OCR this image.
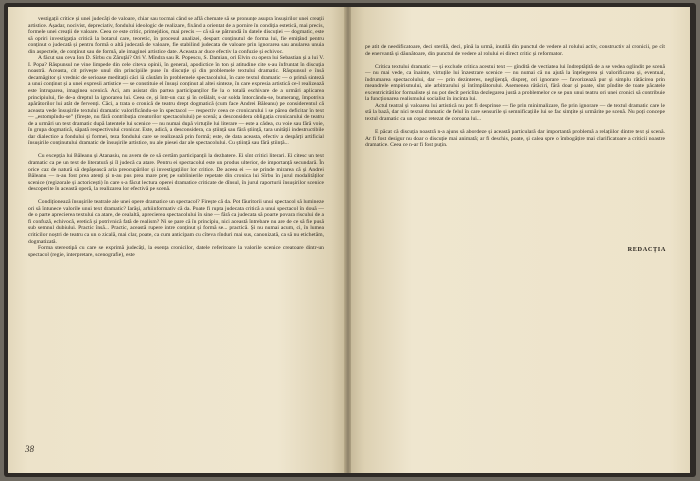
vestigații critice și unei judecăți de valoare, chiar sau tocmai când se află chemate să se pronunțe asupra însușirilor unei creații artistice. Așadar, nocivist, depreciativ, fondului ideologic de realizare, fixând a orientat de a pornire în condiția estetică, mai precis, formele unei creații de valoare. Ceea ce este critic, primejdios, mai precis — că să se pătrundă în datele discuției — dogmatic, este să opriri investigația critică la botarul care, teoretic, în procesul analizei, despart conținutul de forma lui, fie emițând pentru conținut o judecată și pentru formă o altă judecată de valoare, fie stabilind judecata de valoare prin ignorarea sau anularea unuia din aspectele, de conținut sau de formă, ale imaginei artistice date. Aceasta ar duce efectiv la confuzie și echivoc.

A făcut sau ceva Ion D. Sîrbu cu Zăruțăi? Ori V. Mîndra sau R. Popescu, S. Damian, ori Elvin cu opera lui Sebastian și a lui V. I. Popa? Răspunsul ne vine limpede din cele citeva opinii, în general, apodictice în ton și atitudine cite s-au înfruntat în discuția noastră. Aceasta, cit privește unul din principiile puse în discuție și din problemele textului dramatic. Răspunsul e însă decamăgitor și vrednic de serioase meditații căci iă căutăm în problemele spectacolului, în care textul dramatic — o primă sinteză a unui conținut și a unei expresii artistice — se constituie el însuși conținut al altei sinteze, în care expresia artistică ce-l realizează este întruparea, imaginea scenică. Aci, am asistat din partea participanților fie la o totală eschivare de a urmări aplicarea principiului, fie de-a dreptul la ignorarea lui. Ceea ce, și într-un caz și în celălalt, s-ar solda întorcându-se, bumerang, împotriva apărătorilor lui atât de fervenți. Căci, a trata o cronică de teatru drept dogmatică (cum face Andrei Băleanu) pe considerentul că aceasta vede însușirile textului dramatic valorificându-se în spectacol — respectiv ceea ce cronicarului i se părea deficitar în text — „estompîndu-se” (firește, nu fără contribuția creatorilor spectacolului) pe scenă; a desconsidera obligația cronicarului de teatru de a urmări un text dramatic după latentele lui scenice — nu numai după virtuțile lui literare — este a cădea, cu voie sau fără voie, în grupa dogmatică, săpată respectivului cronicar. Este, adică, a desconsidera, ca știință sau fără știință, tara unității indestructibile dar dialectice a fondului și formei, teza fondului care se realizează prin formă; este, de data aceasta, efectiv a despărți artificial însușirile conținutului dramatic de însușirile artistice, nu ale piesei dar ale spectacolului. Cu știință sau fără știință...

Cu excepția lui Băleanu și Atanasiu, nu avem de ce să certăm participanții la dezbatere. Ei sînt critici literari. Ei citesc un text dramatic ca pe un text de literatură și îl judecă ca atare. Pentru ei spectacolul este un produs ulterior, de importanță secundară. În orice caz de natură să depășească aria preocupărilor și investigațiilor lor critice. De aceea ei — se prinde mirarea că și Andrei Băleanu — n-au fost prea atenți și n-au pus prea mare preț pe sublinierile repetate din cronica lui Sîrbu în jurul modalităților scenice (regizorale și actoricești) în care s-a făcut lectura operei dramatice criticate de dînsul, în jurul raporturii însușirilor scenice descoperite în această operă, la realizarea lor efectivă pe scenă.

Condiționează însușirile teatrale ale unei opere dramatice un spectacol? Firește că da. Pot făuritorii unui spectacol să lumineze ori să întunece valorile unui text dramatic? Iarăși, arhiinformativ că da. Poate fi rupta judecata critică a unui spectacol în două — de o parte aprecierea textului ca atare, de cealaltă, aprecierea spectacolului în sine — fără ca judecata să poarte povara riscului de a fi confuză, echivocă, eretică și potrivnică fată de realism? Ni se pare că în principiu, nici această întrebare nu are de ce să fie pusă sub semnul dubiului. Practic însă... Practic, această rupere intre conținut și formă se... practică. Și nu numai acum, ci, în lumea criticilor noștri de teatru ca un o zicală, mai clar, poate, ca cum anticipam cu cîteva rînduri mai sus, canonizată, ca să nu etichetăm, dogmatizată.

Forma stereotipă cu care se exprimă judecăți, la esența cronicilor, datele referitoare la valorile scenice creatoare dintr-un spectacol (regie, interpretare, scenografie), este

38

pe atit de needificatoare, deci sterilă, deci, pînă la urmă, inutilă din punctul de vedere al rolului activ, constructiv al cronicii, pe cît de enervantă și dăunătoare, din punctul de vedere al rolului ei direct critic și reformator.

Critica textului dramatic — și exclude critica acestui text — gîndită de vectiatea lui îndreptățită de a se vedea oglindit pe scenă — nu mai vede, ca înainte, virtuțile lui înzestrare scenice — nu numai că nu ajută la înțelegerea și valorificarea și, eventual, îndrumarea spectacolului, dar — prin dezinteres, neglijență, dispreț, ori ignorare — favorizează pur și simplu rătăcirea prin meandrele empirismului, ale arbitrarului și întîmplătorului. Asemenea rătăciri, fără doar și poate, sînt pîndite de toate păcatele excentricitătilor formaliste și nu pot decît periclita dezlegarea justă a problemelor ce se pun unui teatru ori unei cronici să contribuie la funcționarea realismului socialist în incinta lui.

Actul teatral și valoarea lui artistică nu pot fi desprinse — fie prin minimalizare, fie prin ignorare — de textul dramatic care le stă la bază, dar nici textul dramatic de felul în care sensurile și semnificațiile lui se fac simțite și urmărite pe scenă. Nu poți concepe textul dramatic ca un copac retezat de coroana lui...

E păcat că discuția noastră n-a ajuns să abordeze și această particulară dar importantă problemă a relațiilor dintre text și scenă. Ar fi fost desigur nu doar o discuție mai animată; ar fi deschis, poate, și calea spre o îmbogățire mai clarificatoare a criticii noastre dramatice. Ceea ce n-ar fi fost puțin.

REDACȚIA
